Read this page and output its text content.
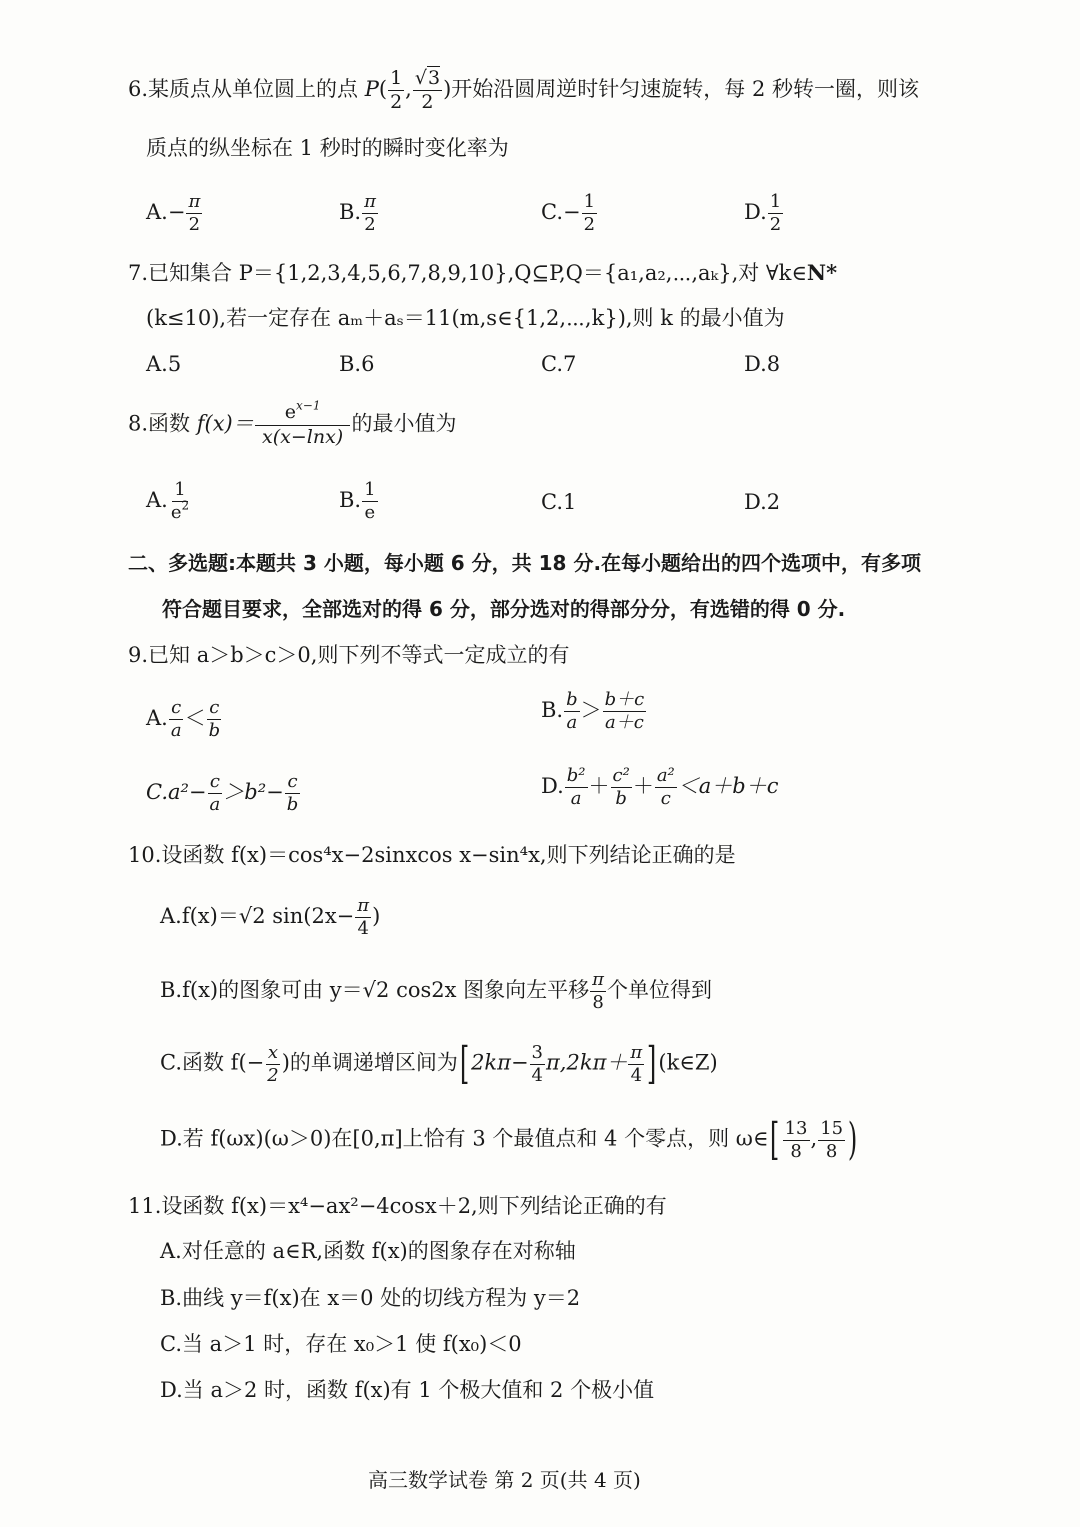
6.某质点从单位圆上的点 $P( \frac{1}{2}$ , $\frac{√3}{2}$ )开始沿圆周逆时针匀速旋转，每 2 秒转一圈，则该
质点的纵坐标在 1 秒时的瞬时变化率为
$A.- \frac{\pi}{2}$	B. $\frac{\pi}{2}$	$C.- \frac{1}{2}$	D. $\frac{1}{2}$
7.已知集合 P＝{1,2,3,4,5,6,7,8,9,10},Q⊆P,Q＝{a₁,a₂,⋯,aₖ},对 ∀k∈N*
(k≤10),若一定存在 aₘ＋aₛ＝11(m,s∈{1,2,⋯,k}),则 k 的最小值为
A.5	B.6	C.7	D.8
8.函数 $f(x)= \frac{e^{x-1}}{x(x-\ln x)}$ 的最小值为
A. $\frac{1}{e^2}$	B. $\frac{1}{e}$	C.1	D.2
二、多选题:本题共 3 小题，每小题 6 分，共 18 分.在每小题给出的四个选项中，有多项
符合题目要求，全部选对的得 6 分，部分选对的得部分分，有选错的得 0 分.
9.已知 a＞b＞c＞0,则下列不等式一定成立的有
A. $\frac{c}{a} < \frac{c}{b}$	B. $\frac{b}{a} > \frac{b+c}{a+c}$
$C.a^2- \frac{c}{a} >b^2- \frac{c}{b}$	D. $\frac{\text{b²}}{a} + \frac{\text{c²}}{b} + \frac{\text{a²}}{c} <a+b+c$
10.设函数 f(x)＝cos⁴x−2sinxcos x−sin⁴x,则下列结论正确的是
A.f(x)＝√2 $\sin(2x- \frac{\pi}{4}$ )
B.f(x)的图象可由 y＝√2 cos2x 图象向左平移 $\frac{\pi}{8}$ 个单位得到
C.函数 $f(- \frac{x}{2}$ )的单调递增区间为[$2k\pi- \frac{3}{4} \pi,2k\pi+ \frac{\pi}{4}$ ](k∈Z)
D.若 f(ωx)(ω＞0)在[0,π]上恰有 3 个最值点和 4 个零点，则 ω∈[ $\frac{13}{8}$ , $\frac{15}{8}$ )
11.设函数 f(x)＝x⁴−ax²−4cosx＋2,则下列结论正确的有
A.对任意的 a∈R,函数 f(x)的图象存在对称轴
B.曲线 y＝f(x)在 x＝0 处的切线方程为 y＝2
C.当 a＞1 时，存在 x₀＞1 使 f(x₀)＜0
D.当 a＞2 时，函数 f(x)有 1 个极大值和 2 个极小值
高三数学试卷 第 2 页(共 4 页)
